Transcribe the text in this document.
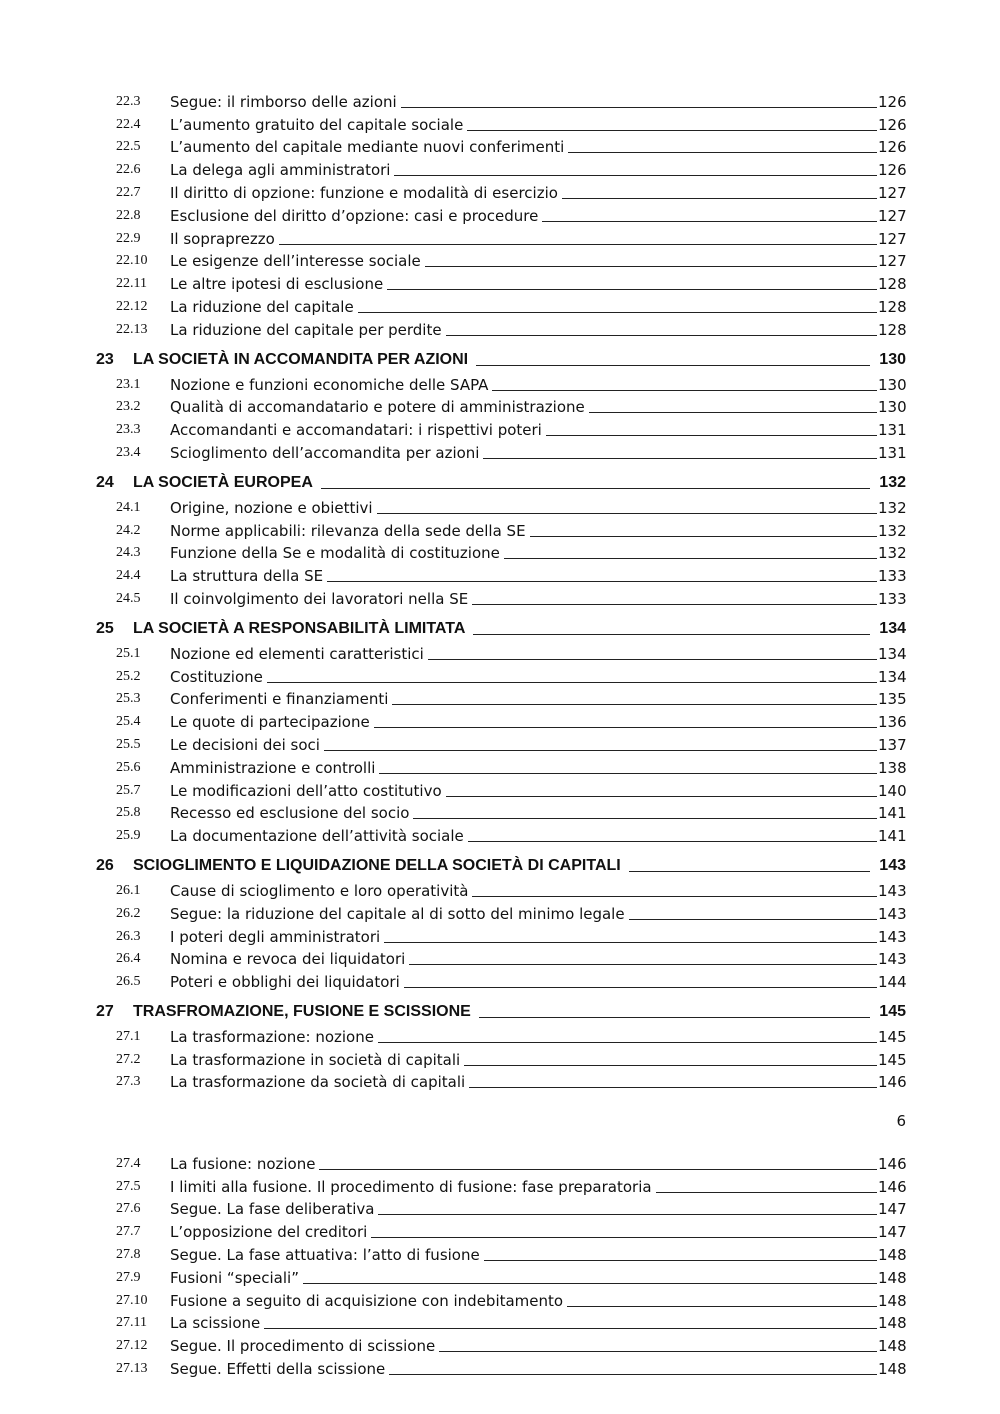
22.3	Segue: il rimborso delle azioni	126
22.4	L’aumento gratuito del capitale sociale	126
22.5	L’aumento del capitale mediante nuovi conferimenti	126
22.6	La delega agli amministratori	126
22.7	Il diritto di opzione: funzione e modalità di esercizio	127
22.8	Esclusione del diritto d’opzione: casi e procedure	127
22.9	Il sopraprezzo	127
22.10	Le esigenze dell’interesse sociale	127
22.11	Le altre ipotesi di esclusione	128
22.12	La riduzione del capitale	128
22.13	La riduzione del capitale per perdite	128
23	LA SOCIETÀ IN ACCOMANDITA PER AZIONI	130
23.1	Nozione e funzioni economiche delle SAPA	130
23.2	Qualità di accomandatario e potere di amministrazione	130
23.3	Accomandanti e accomandatari: i rispettivi poteri	131
23.4	Scioglimento dell’accomandita per azioni	131
24	LA SOCIETÀ EUROPEA	132
24.1	Origine, nozione e obiettivi	132
24.2	Norme applicabili: rilevanza della sede della SE	132
24.3	Funzione della Se e modalità di costituzione	132
24.4	La struttura della SE	133
24.5	Il coinvolgimento dei lavoratori nella SE	133
25	LA SOCIETÀ A RESPONSABILITÀ LIMITATA	134
25.1	Nozione ed elementi caratteristici	134
25.2	Costituzione	134
25.3	Conferimenti e finanziamenti	135
25.4	Le quote di partecipazione	136
25.5	Le decisioni dei soci	137
25.6	Amministrazione e controlli	138
25.7	Le modificazioni dell’atto costitutivo	140
25.8	Recesso ed esclusione del socio	141
25.9	La documentazione dell’attività sociale	141
26	SCIOGLIMENTO E LIQUIDAZIONE DELLA SOCIETÀ DI CAPITALI	143
26.1	Cause di scioglimento e loro operatività	143
26.2	Segue: la riduzione del capitale al di sotto del minimo legale	143
26.3	I poteri degli amministratori	143
26.4	Nomina e revoca dei liquidatori	143
26.5	Poteri e obblighi dei liquidatori	144
27	TRASFROMAZIONE, FUSIONE E SCISSIONE	145
27.1	La trasformazione: nozione	145
27.2	La trasformazione in società di capitali	145
27.3	La trasformazione da società di capitali	146
6
27.4	La fusione: nozione	146
27.5	I limiti alla fusione. Il procedimento di fusione: fase preparatoria	146
27.6	Segue. La fase deliberativa	147
27.7	L’opposizione del creditori	147
27.8	Segue. La fase attuativa: l’atto di fusione	148
27.9	Fusioni “speciali”	148
27.10	Fusione a seguito di acquisizione con indebitamento	148
27.11	La scissione	148
27.12	Segue. Il procedimento di scissione	148
27.13	Segue. Effetti della scissione	148
